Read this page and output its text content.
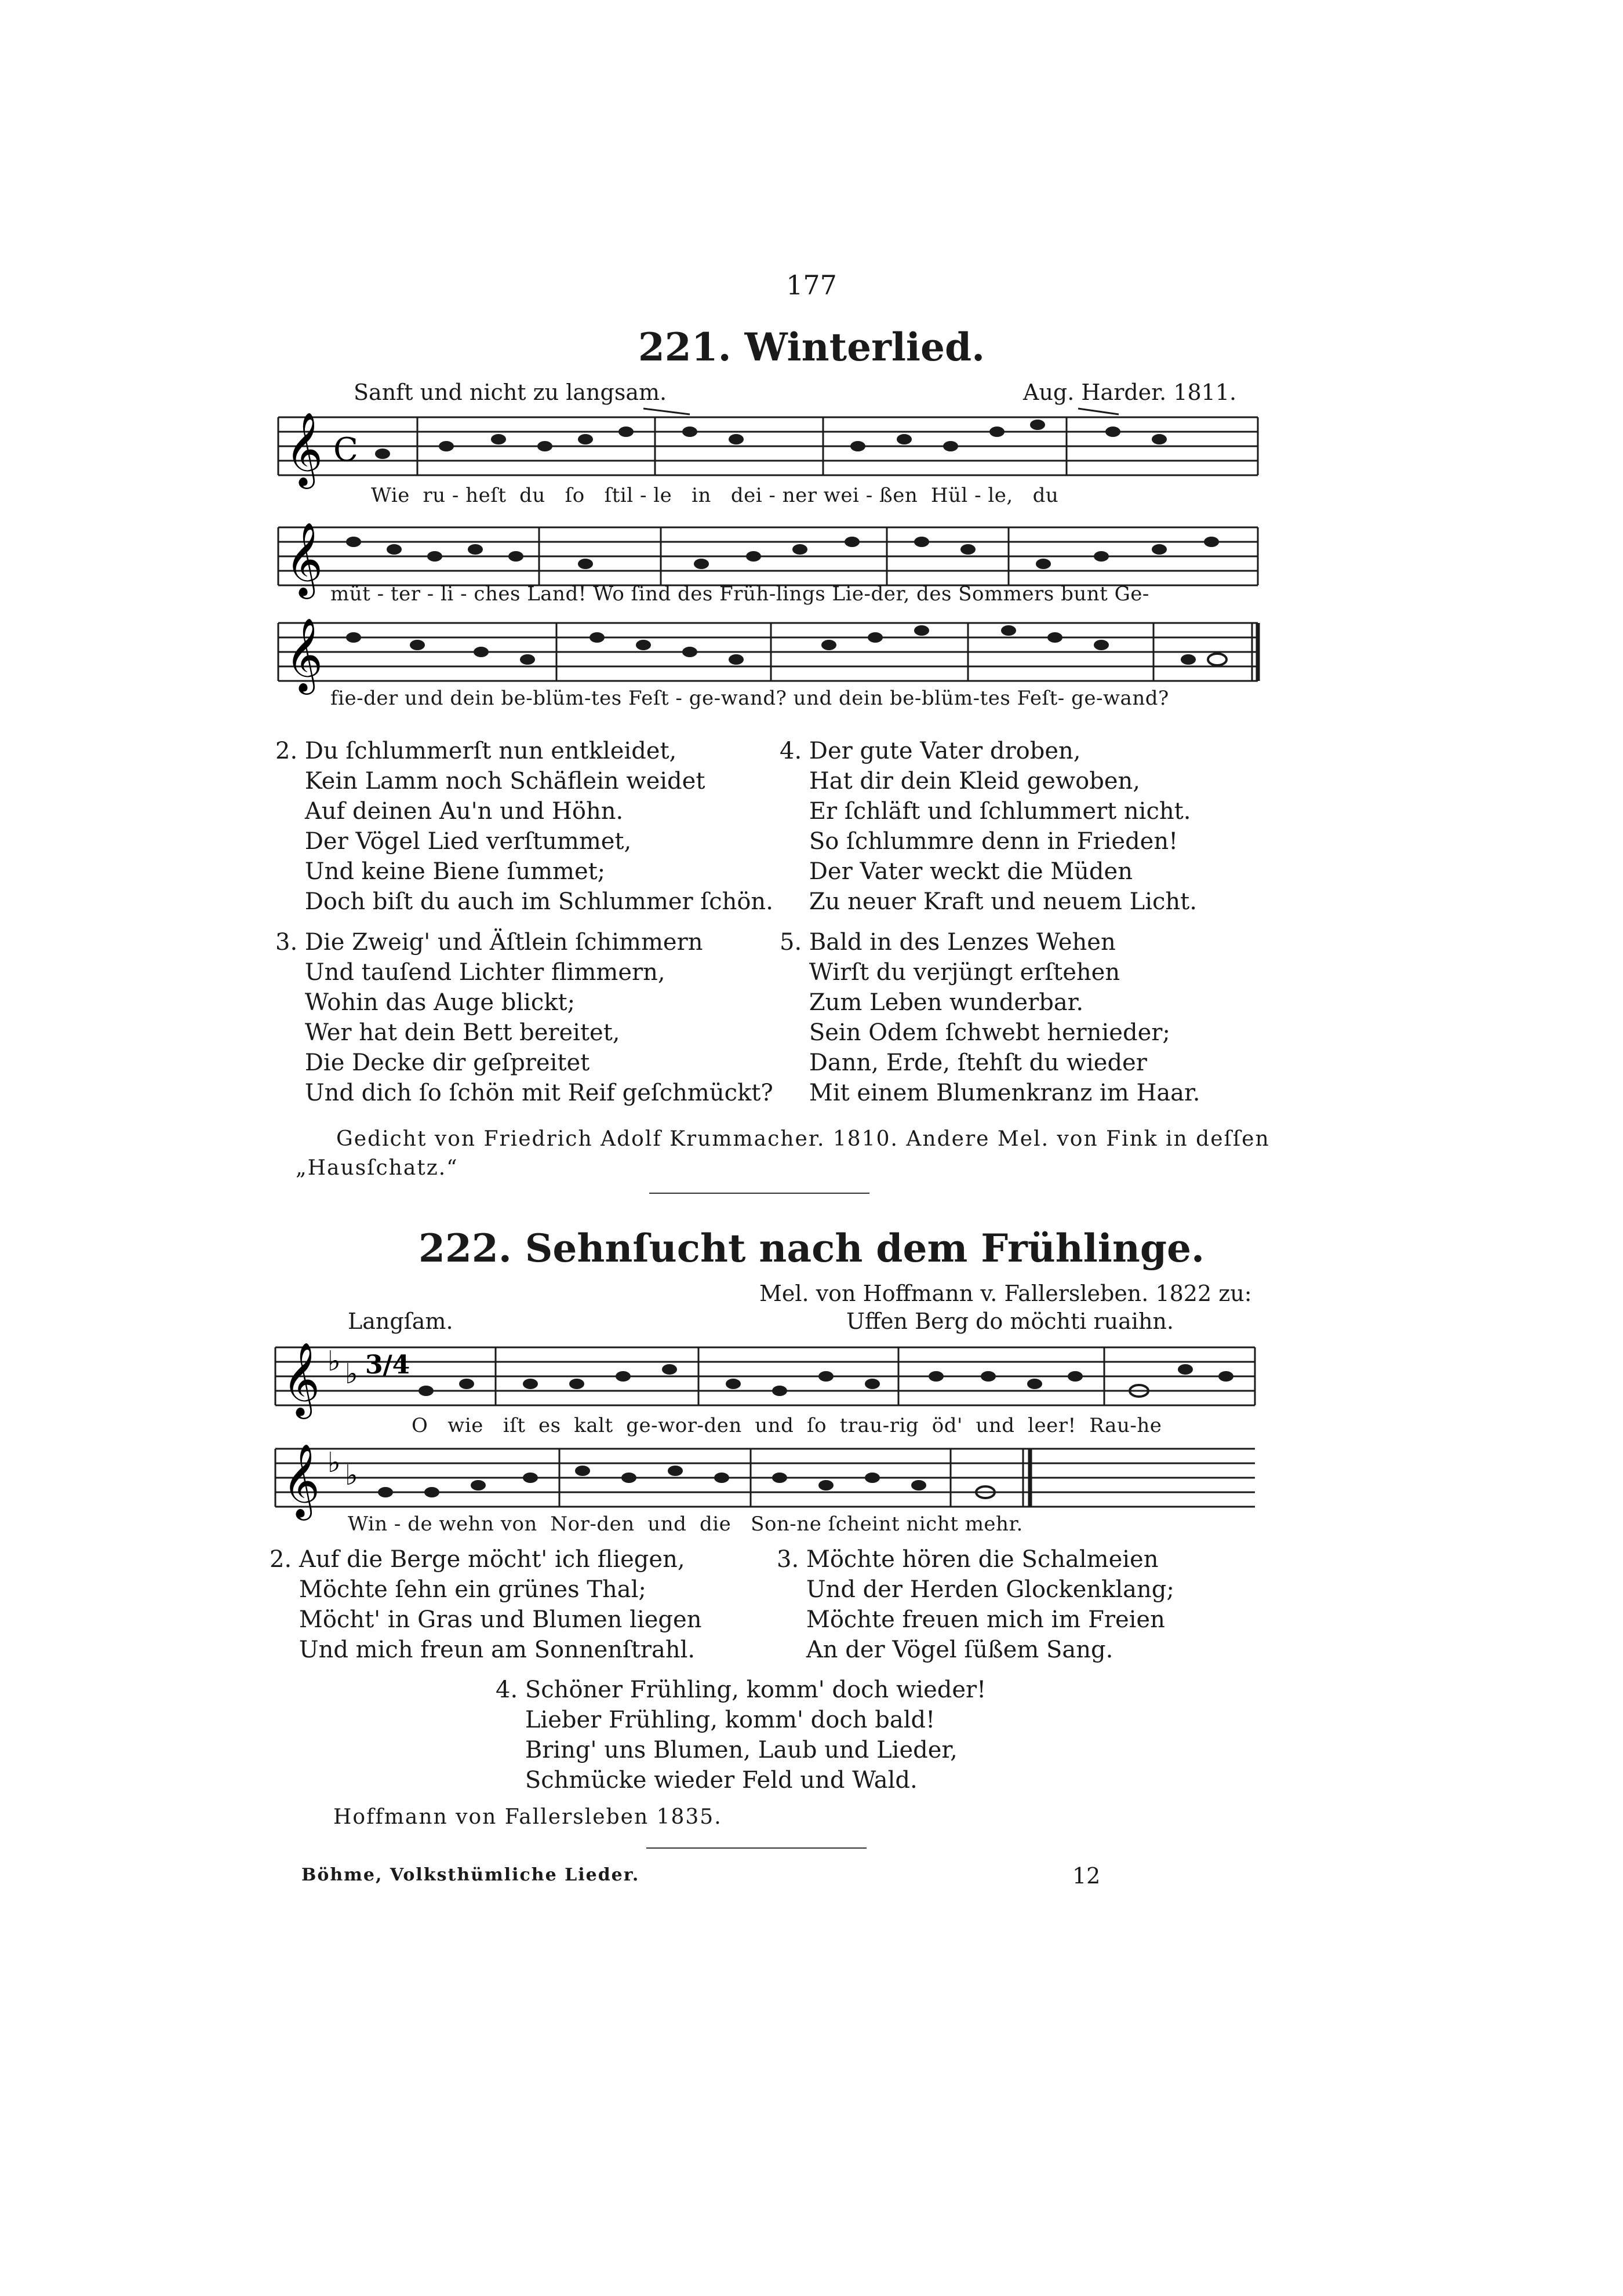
177
221. Winterlied.
Sanft und nicht zu langsam.	Aug. Harder. 1811.
𝄞 C
Wie  ru - heſt  du   ſo   ſtil - le   in   dei - ner wei - ßen  Hül - le,   du
𝄞 müt - ter - li - ches Land! Wo ſind des Früh-lings Lie-der, des Sommers bunt Ge-
𝄞
fie-der und dein be-blüm-tes Feſt - ge-wand? und dein be-blüm-tes Feſt- ge-wand?
2. Du ſchlummerſt nun entkleidet,
Kein Lamm noch Schäflein weidet
Auf deinen Au'n und Höhn.
Der Vögel Lied verſtummet,
Und keine Biene ſummet;
Doch biſt du auch im Schlummer ſchön.
4. Der gute Vater droben,
Hat dir dein Kleid gewoben,
Er ſchläft und ſchlummert nicht.
So ſchlummre denn in Frieden!
Der Vater weckt die Müden
Zu neuer Kraft und neuem Licht.
3. Die Zweig' und Äſtlein ſchimmern
Und tauſend Lichter flimmern,
Wohin das Auge blickt;
Wer hat dein Bett bereitet,
Die Decke dir geſpreitet
Und dich ſo ſchön mit Reif geſchmückt?
5. Bald in des Lenzes Wehen
Wirſt du verjüngt erſtehen
Zum Leben wunderbar.
Sein Odem ſchwebt hernieder;
Dann, Erde, ſtehſt du wieder
Mit einem Blumenkranz im Haar.
Gedicht von Friedrich Adolf Krummacher. 1810. Andere Mel. von Fink in deſſen
„Hausſchatz.“
222. Sehnſucht nach dem Frühlinge.
Mel. von Hoffmann v. Fallersleben. 1822 zu:
Uffen Berg do möchti ruaihn.
Langſam.
𝄞 ♭ ♭ 3/4
O   wie   iſt  es  kalt  ge-wor-den  und  ſo  trau-rig  öd'  und  leer!  Rau-he
𝄞 ♭ ♭
Win - de wehn von  Nor-den  und  die   Son-ne ſcheint nicht mehr.
2. Auf die Berge möcht' ich fliegen,
Möchte ſehn ein grünes Thal;
Möcht' in Gras und Blumen liegen
Und mich freun am Sonnenſtrahl.
3. Möchte hören die Schalmeien
Und der Herden Glockenklang;
Möchte freuen mich im Freien
An der Vögel ſüßem Sang.
4. Schöner Frühling, komm' doch wieder!
Lieber Frühling, komm' doch bald!
Bring' uns Blumen, Laub und Lieder,
Schmücke wieder Feld und Wald.
Hoffmann von Fallersleben 1835.
Böhme, Volksthümliche Lieder.	12
